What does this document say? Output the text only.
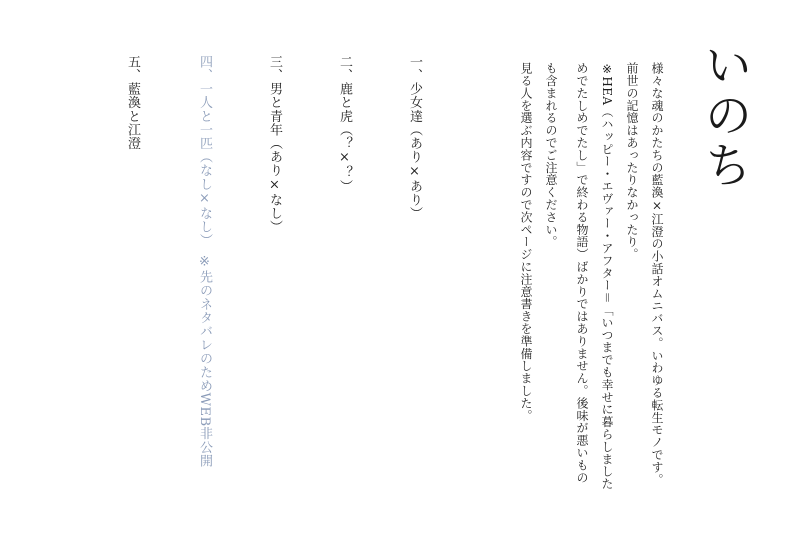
いのち
様々な魂のかたちの藍渙×江澄の小話オムニバス。いわゆる転生モノです。
前世の記憶はあったりなかったり。
※HEA（ハッピー・エヴァー・アフター＝「いつまでも幸せに暮らしました
めでたしめでたし」で終わる物語）ばかりではありません。後味が悪いもの
も含まれるのでご注意ください。
見る人を選ぶ内容ですので次ページに注意書きを準備しました。
一、少女達（あり×あり）
二、鹿と虎（？×？）
三、男と青年（あり×なし）
四、一人と一匹（なし×なし）　※先のネタバレのためWEB非公開
五、藍渙と江澄
